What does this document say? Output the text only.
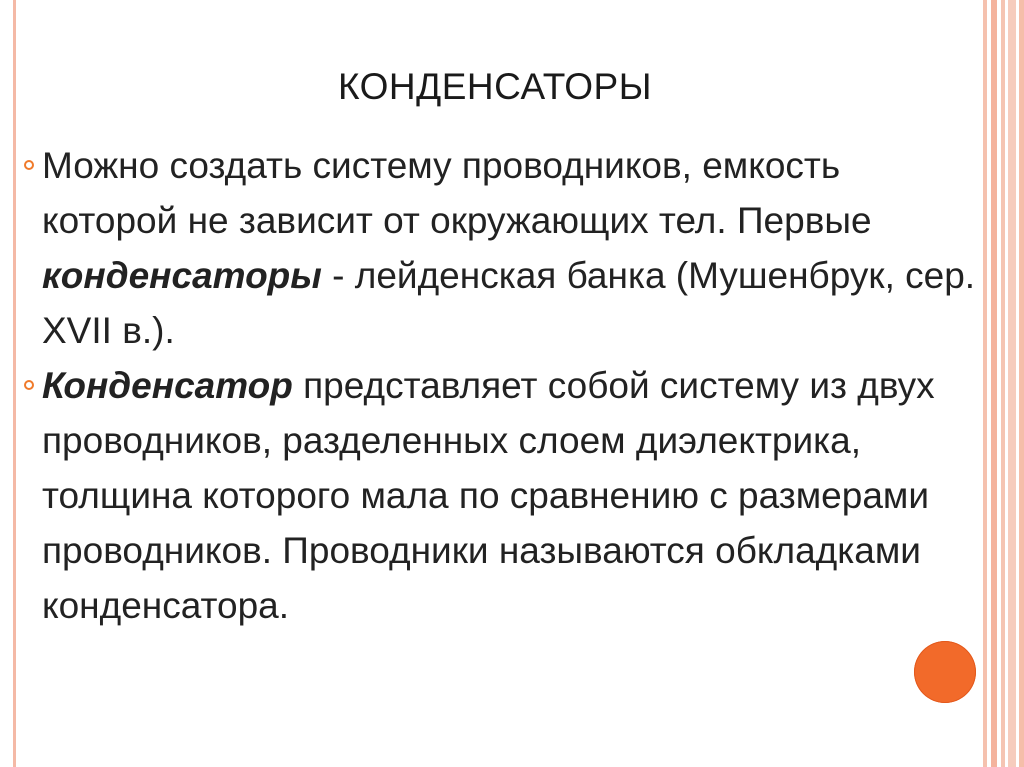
КОНДЕНСАТОРЫ
Можно создать систему проводников, емкость которой не зависит от окружающих тел. Первые конденсаторы - лейденская банка (Мушенбрук, сер. XVII в.).
Конденсатор представляет собой систему из двух проводников, разделенных слоем диэлектрика, толщина которого мала по сравнению с размерами проводников. Проводники называются обкладками конденсатора.
